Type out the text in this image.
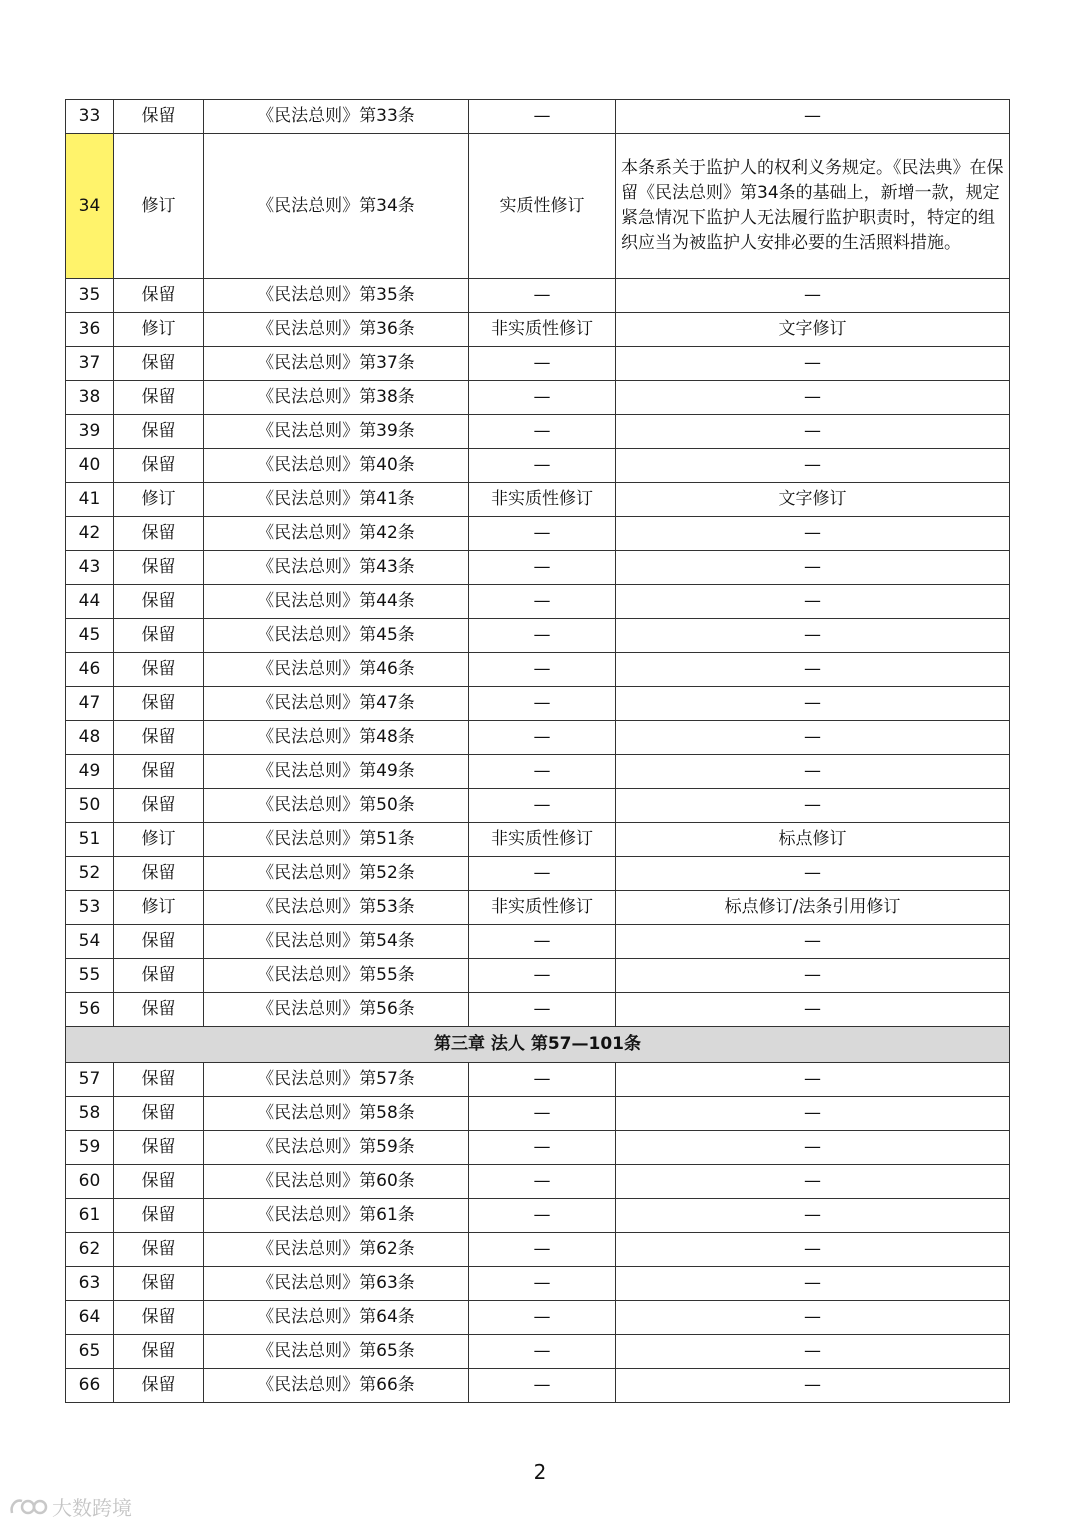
33	保留	《民法总则》第33条	—	—
34	修订	《民法总则》第34条	实质性修订	本条系关于监护人的权利义务规定。《民法典》在保留《民法总则》第34条的基础上，新增一款，规定紧急情况下监护人无法履行监护职责时，特定的组织应当为被监护人安排必要的生活照料措施。
35	保留	《民法总则》第35条	—	—
36	修订	《民法总则》第36条	非实质性修订	文字修订
37	保留	《民法总则》第37条	—	—
38	保留	《民法总则》第38条	—	—
39	保留	《民法总则》第39条	—	—
40	保留	《民法总则》第40条	—	—
41	修订	《民法总则》第41条	非实质性修订	文字修订
42	保留	《民法总则》第42条	—	—
43	保留	《民法总则》第43条	—	—
44	保留	《民法总则》第44条	—	—
45	保留	《民法总则》第45条	—	—
46	保留	《民法总则》第46条	—	—
47	保留	《民法总则》第47条	—	—
48	保留	《民法总则》第48条	—	—
49	保留	《民法总则》第49条	—	—
50	保留	《民法总则》第50条	—	—
51	修订	《民法总则》第51条	非实质性修订	标点修订
52	保留	《民法总则》第52条	—	—
53	修订	《民法总则》第53条	非实质性修订	标点修订/法条引用修订
54	保留	《民法总则》第54条	—	—
55	保留	《民法总则》第55条	—	—
56	保留	《民法总则》第56条	—	—
第三章 法人 第57—101条				
57	保留	《民法总则》第57条	—	—
58	保留	《民法总则》第58条	—	—
59	保留	《民法总则》第59条	—	—
60	保留	《民法总则》第60条	—	—
61	保留	《民法总则》第61条	—	—
62	保留	《民法总则》第62条	—	—
63	保留	《民法总则》第63条	—	—
64	保留	《民法总则》第64条	—	—
65	保留	《民法总则》第65条	—	—
66	保留	《民法总则》第66条	—	—
2
大数跨境
